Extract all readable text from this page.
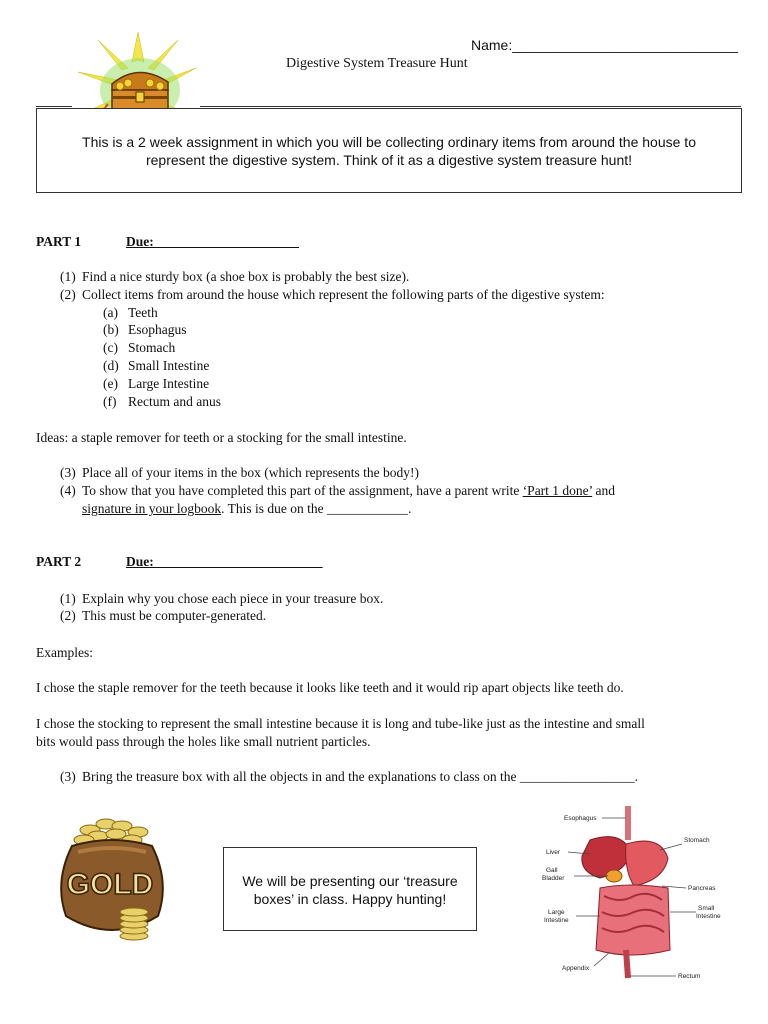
Name:_____________________________
Digestive System Treasure Hunt
This is a 2 week assignment in which you will be collecting ordinary items from around the house to represent the digestive system. Think of it as a digestive system treasure hunt!
PART 1	Due: _____________________
(1) Find a nice sturdy box (a shoe box is probably the best size).
(2) Collect items from around the house which represent the following parts of the digestive system:
(a) Teeth
(b) Esophagus
(c) Stomach
(d) Small Intestine
(e) Large Intestine
(f) Rectum and anus
Ideas: a staple remover for teeth or a stocking for the small intestine.
(3) Place all of your items in the box (which represents the body!)
(4) To show that you have completed this part of the assignment, have a parent write ‘Part 1 done’ and
signature in your logbook. This is due on the ____________.
PART 2	Due:_________________________
(1) Explain why you chose each piece in your treasure box.
(2) This must be computer-generated.
Examples:
I chose the staple remover for the teeth because it looks like teeth and it would rip apart objects like teeth do.
I chose the stocking to represent the small intestine because it is long and tube-like just as the intestine and small
bits would pass through the holes like small nutrient particles.
(3) Bring the treasure box with all the objects in and the explanations to class on the _________________.
GOLD	We will be presenting our ‘treasure
boxes’ in class. Happy hunting!
Esophagus
Stomach
Liver
Gall
Bladder
Pancreas
Small
Intestine
Large
Intestine
Appendix
Rectum
